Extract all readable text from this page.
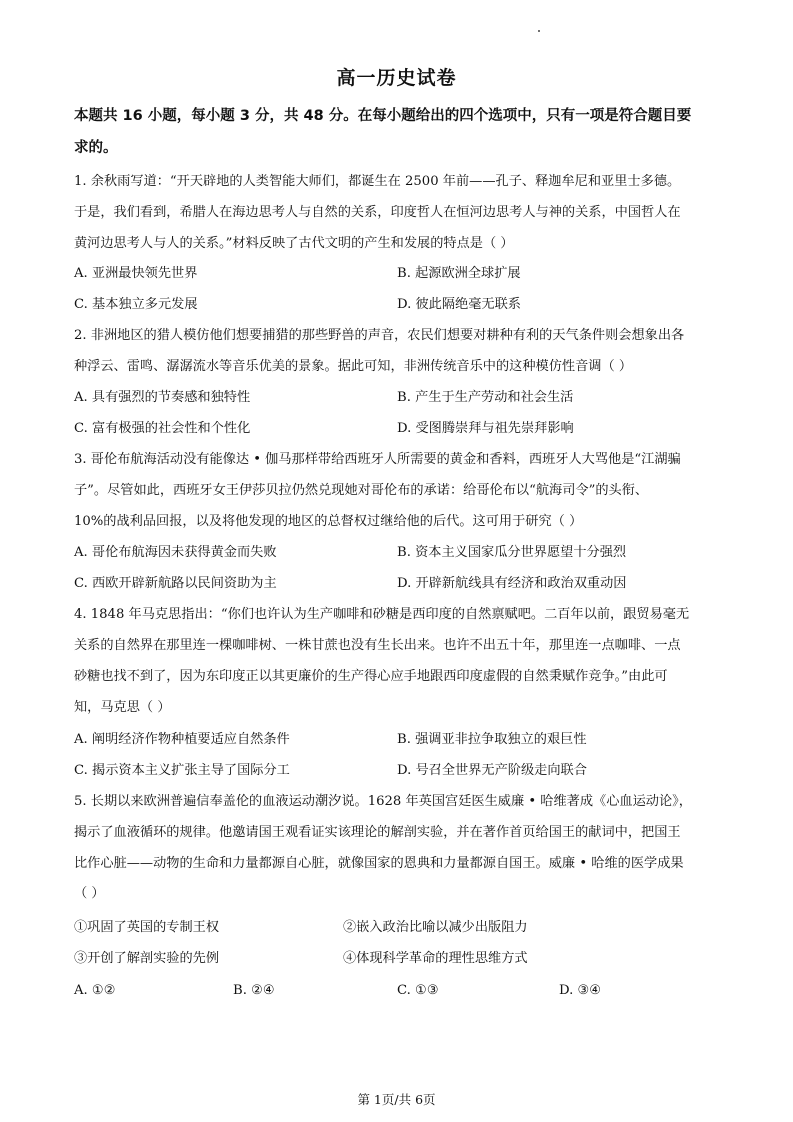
高一历史试卷
本题共 16 小题，每小题 3 分，共 48 分。在每小题给出的四个选项中，只有一项是符合题目要
求的。
1. 余秋雨写道：“开天辟地的人类智能大师们，都诞生在 2500 年前——孔子、释迦牟尼和亚里士多德。
于是，我们看到，希腊人在海边思考人与自然的关系，印度哲人在恒河边思考人与神的关系，中国哲人在
黄河边思考人与人的关系。”材料反映了古代文明的产生和发展的特点是（ ）
A. 亚洲最快领先世界	B. 起源欧洲全球扩展
C. 基本独立多元发展	D. 彼此隔绝毫无联系
2. 非洲地区的猎人模仿他们想要捕猎的那些野兽的声音，农民们想要对耕种有利的天气条件则会想象出各
种浮云、雷鸣、潺潺流水等音乐优美的景象。据此可知，非洲传统音乐中的这种模仿性音调（ ）
A. 具有强烈的节奏感和独特性	B. 产生于生产劳动和社会生活
C. 富有极强的社会性和个性化	D. 受图腾崇拜与祖先崇拜影响
3. 哥伦布航海活动没有能像达 • 伽马那样带给西班牙人所需要的黄金和香料，西班牙人大骂他是“江湖骗
子”。尽管如此，西班牙女王伊莎贝拉仍然兑现她对哥伦布的承诺：给哥伦布以“航海司令”的头衔、
10%的战利品回报，以及将他发现的地区的总督权过继给他的后代。这可用于研究（ ）
A. 哥伦布航海因未获得黄金而失败	B. 资本主义国家瓜分世界愿望十分强烈
C. 西欧开辟新航路以民间资助为主	D. 开辟新航线具有经济和政治双重动因
4. 1848 年马克思指出：“你们也许认为生产咖啡和砂糖是西印度的自然禀赋吧。二百年以前，跟贸易毫无
关系的自然界在那里连一棵咖啡树、一株甘蔗也没有生长出来。也许不出五十年，那里连一点咖啡、一点
砂糖也找不到了，因为东印度正以其更廉价的生产得心应手地跟西印度虚假的自然秉赋作竞争。”由此可
知，马克思（ ）
A. 阐明经济作物种植要适应自然条件	B. 强调亚非拉争取独立的艰巨性
C. 揭示资本主义扩张主导了国际分工	D. 号召全世界无产阶级走向联合
5. 长期以来欧洲普遍信奉盖伦的血液运动潮汐说。1628 年英国宫廷医生威廉 • 哈维著成《心血运动论》，
揭示了血液循环的规律。他邀请国王观看证实该理论的解剖实验，并在著作首页给国王的献词中，把国王
比作心脏——动物的生命和力量都源自心脏，就像国家的恩典和力量都源自国王。威廉 • 哈维的医学成果
（ ）
①巩固了英国的专制王权	②嵌入政治比喻以减少出版阻力
③开创了解剖实验的先例	④体现科学革命的理性思维方式
A. ①②	B. ②④	C. ①③	D. ③④
第 1页/共 6页
